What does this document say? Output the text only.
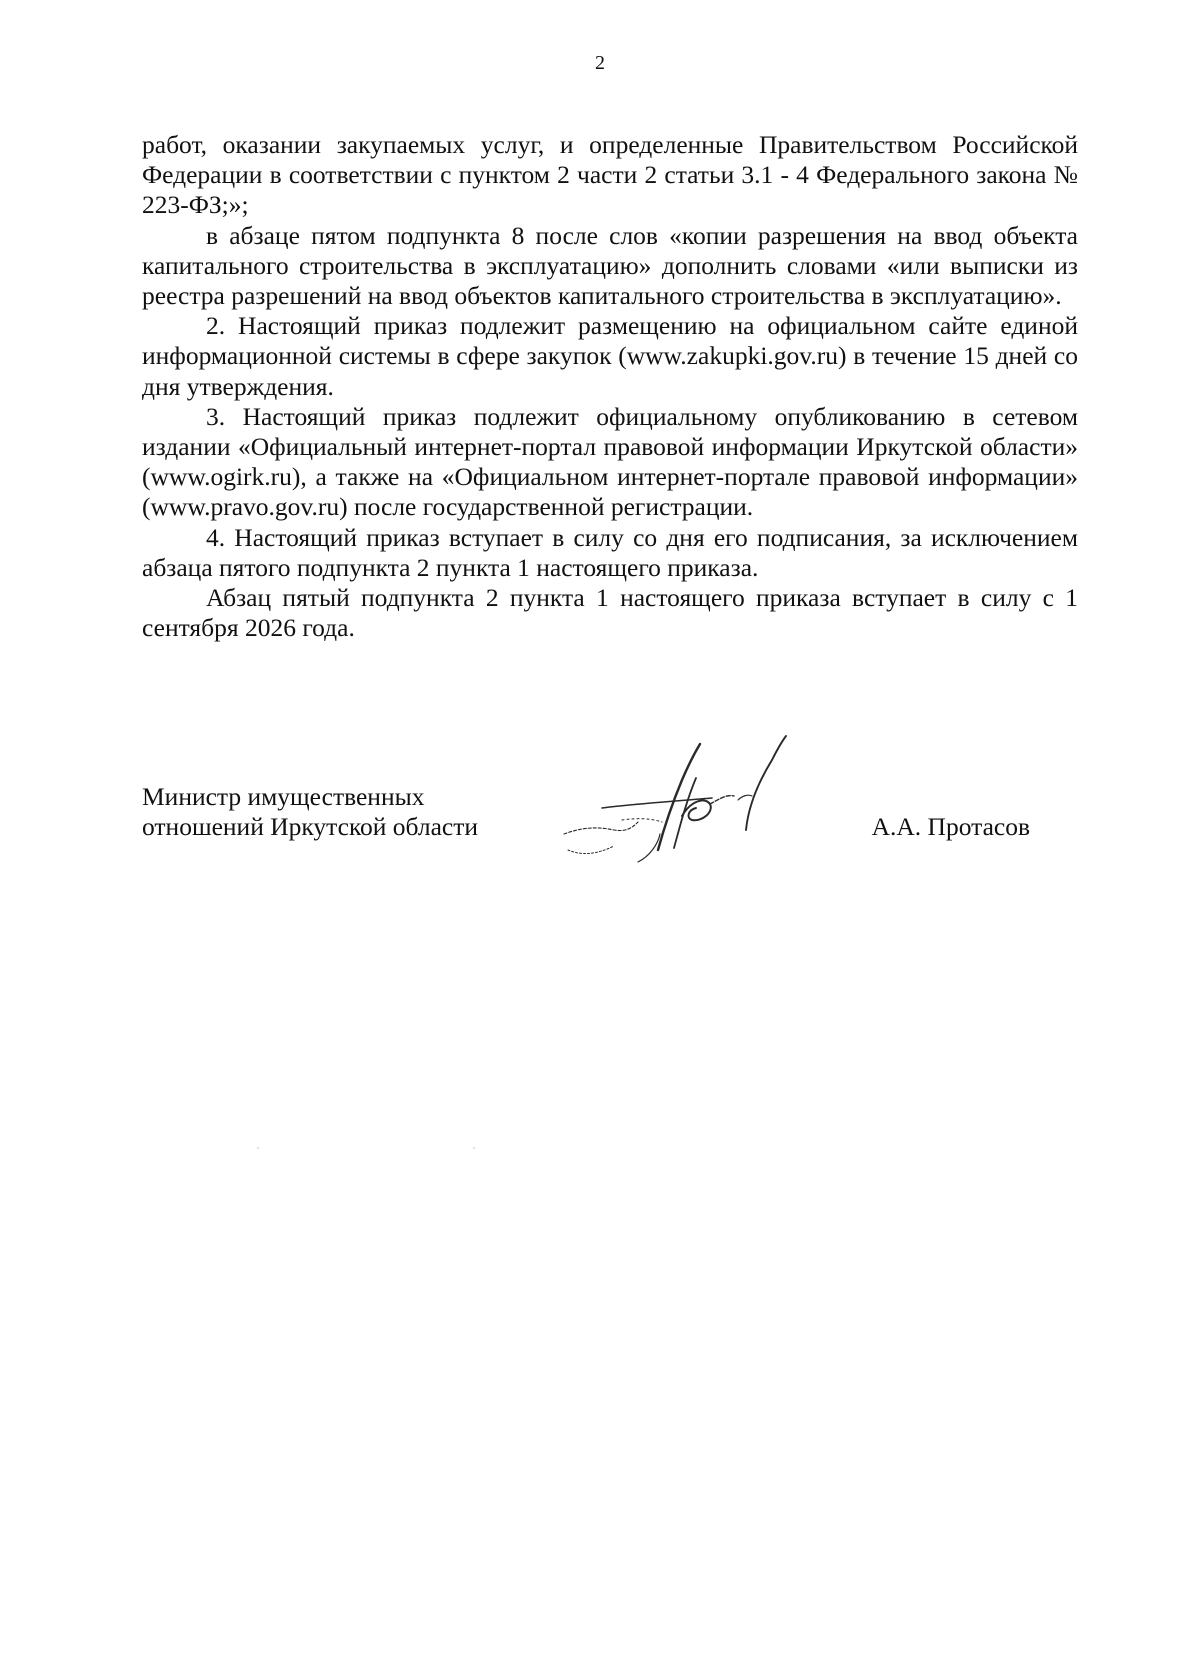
2

работ, оказании закупаемых услуг, и определенные Правительством Российской Федерации в соответствии с пунктом 2 части 2 статьи 3.1 - 4 Федерального закона № 223-ФЗ;»;

в абзаце пятом подпункта 8 после слов «копии разрешения на ввод объекта капитального строительства в эксплуатацию» дополнить словами «или выписки из реестра разрешений на ввод объектов капитального строительства в эксплуатацию».

2. Настоящий приказ подлежит размещению на официальном сайте единой информационной системы в сфере закупок (www.zakupki.gov.ru) в течение 15 дней со дня утверждения.

3. Настоящий приказ подлежит официальному опубликованию в сетевом издании «Официальный интернет-портал правовой информации Иркутской области» (www.ogirk.ru), а также на «Официальном интернет-портале правовой информации» (www.pravo.gov.ru) после государственной регистрации.

4. Настоящий приказ вступает в силу со дня его подписания, за исключением абзаца пятого подпункта 2 пункта 1 настоящего приказа.

Абзац пятый подпункта 2 пункта 1 настоящего приказа вступает в силу с 1 сентября 2026 года.

Министр имущественных
отношений Иркутской области	А.А. Протасов
